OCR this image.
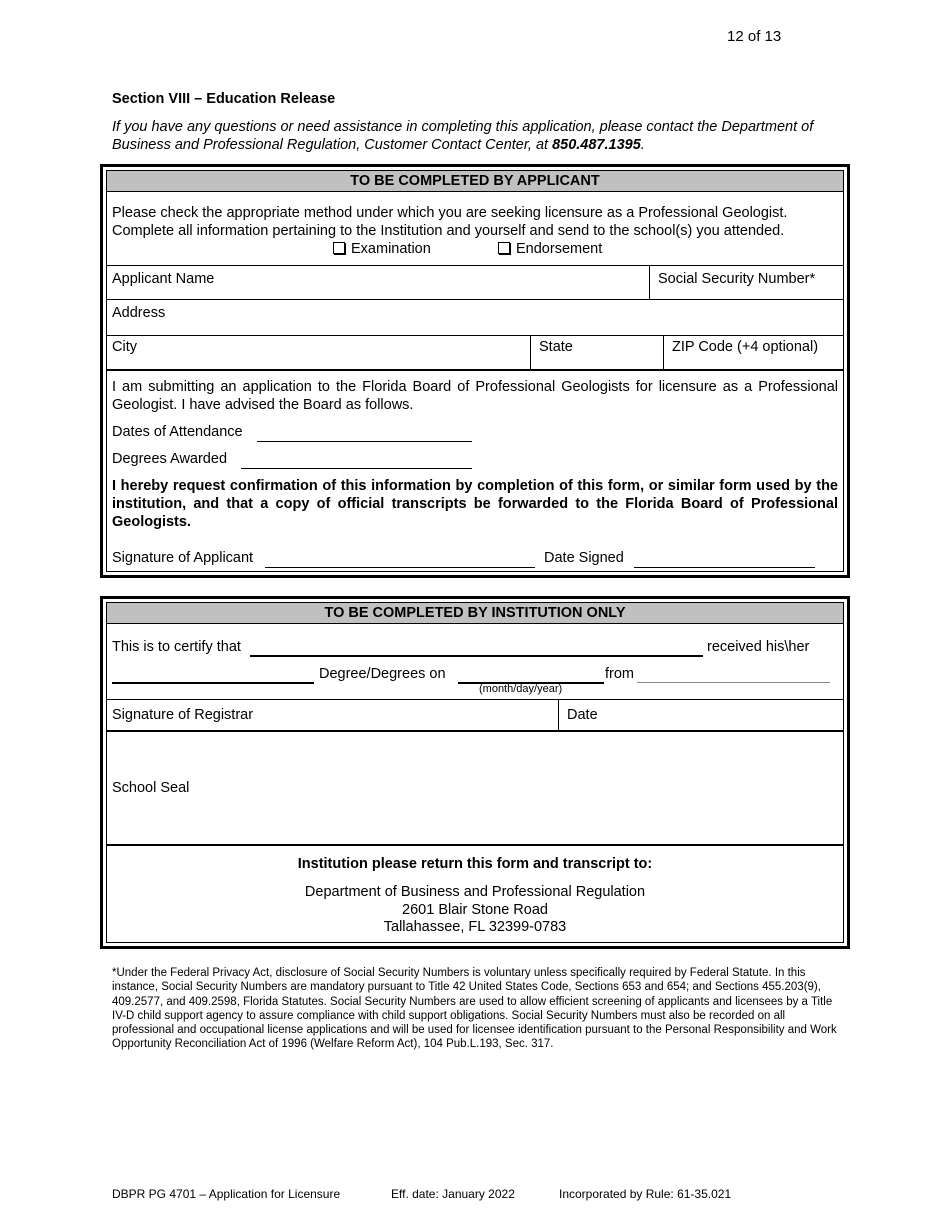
12 of 13
Section VIII – Education Release
If you have any questions or need assistance in completing this application, please contact the Department of Business and Professional Regulation, Customer Contact Center, at 850.487.1395.
TO BE COMPLETED BY APPLICANT
Please check the appropriate method under which you are seeking licensure as a Professional Geologist.
Complete all information pertaining to the Institution and yourself and send to the school(s) you attended.
Examination	Endorsement
Applicant Name	Social Security Number*
Address
City	State	ZIP Code (+4 optional)
I am submitting an application to the Florida Board of Professional Geologists for licensure as a Professional Geologist. I have advised the Board as follows.
Dates of Attendance
Degrees Awarded
I hereby request confirmation of this information by completion of this form, or similar form used by the institution, and that a copy of official transcripts be forwarded to the Florida Board of Professional Geologists.
Signature of Applicant	Date Signed
TO BE COMPLETED BY INSTITUTION ONLY
This is to certify that	received his\her
Degree/Degrees on	from
(month/day/year)
Signature of Registrar	Date
School Seal
Institution please return this form and transcript to:
Department of Business and Professional Regulation
2601 Blair Stone Road
Tallahassee, FL 32399-0783
*Under the Federal Privacy Act, disclosure of Social Security Numbers is voluntary unless specifically required by Federal Statute. In this instance, Social Security Numbers are mandatory pursuant to Title 42 United States Code, Sections 653 and 654; and Sections 455.203(9), 409.2577, and 409.2598, Florida Statutes. Social Security Numbers are used to allow efficient screening of applicants and licensees by a Title IV-D child support agency to assure compliance with child support obligations. Social Security Numbers must also be recorded on all professional and occupational license applications and will be used for licensee identification pursuant to the Personal Responsibility and Work Opportunity Reconciliation Act of 1996 (Welfare Reform Act), 104 Pub.L.193, Sec. 317.
DBPR PG 4701 – Application for Licensure	Eff. date: January 2022	Incorporated by Rule: 61-35.021
